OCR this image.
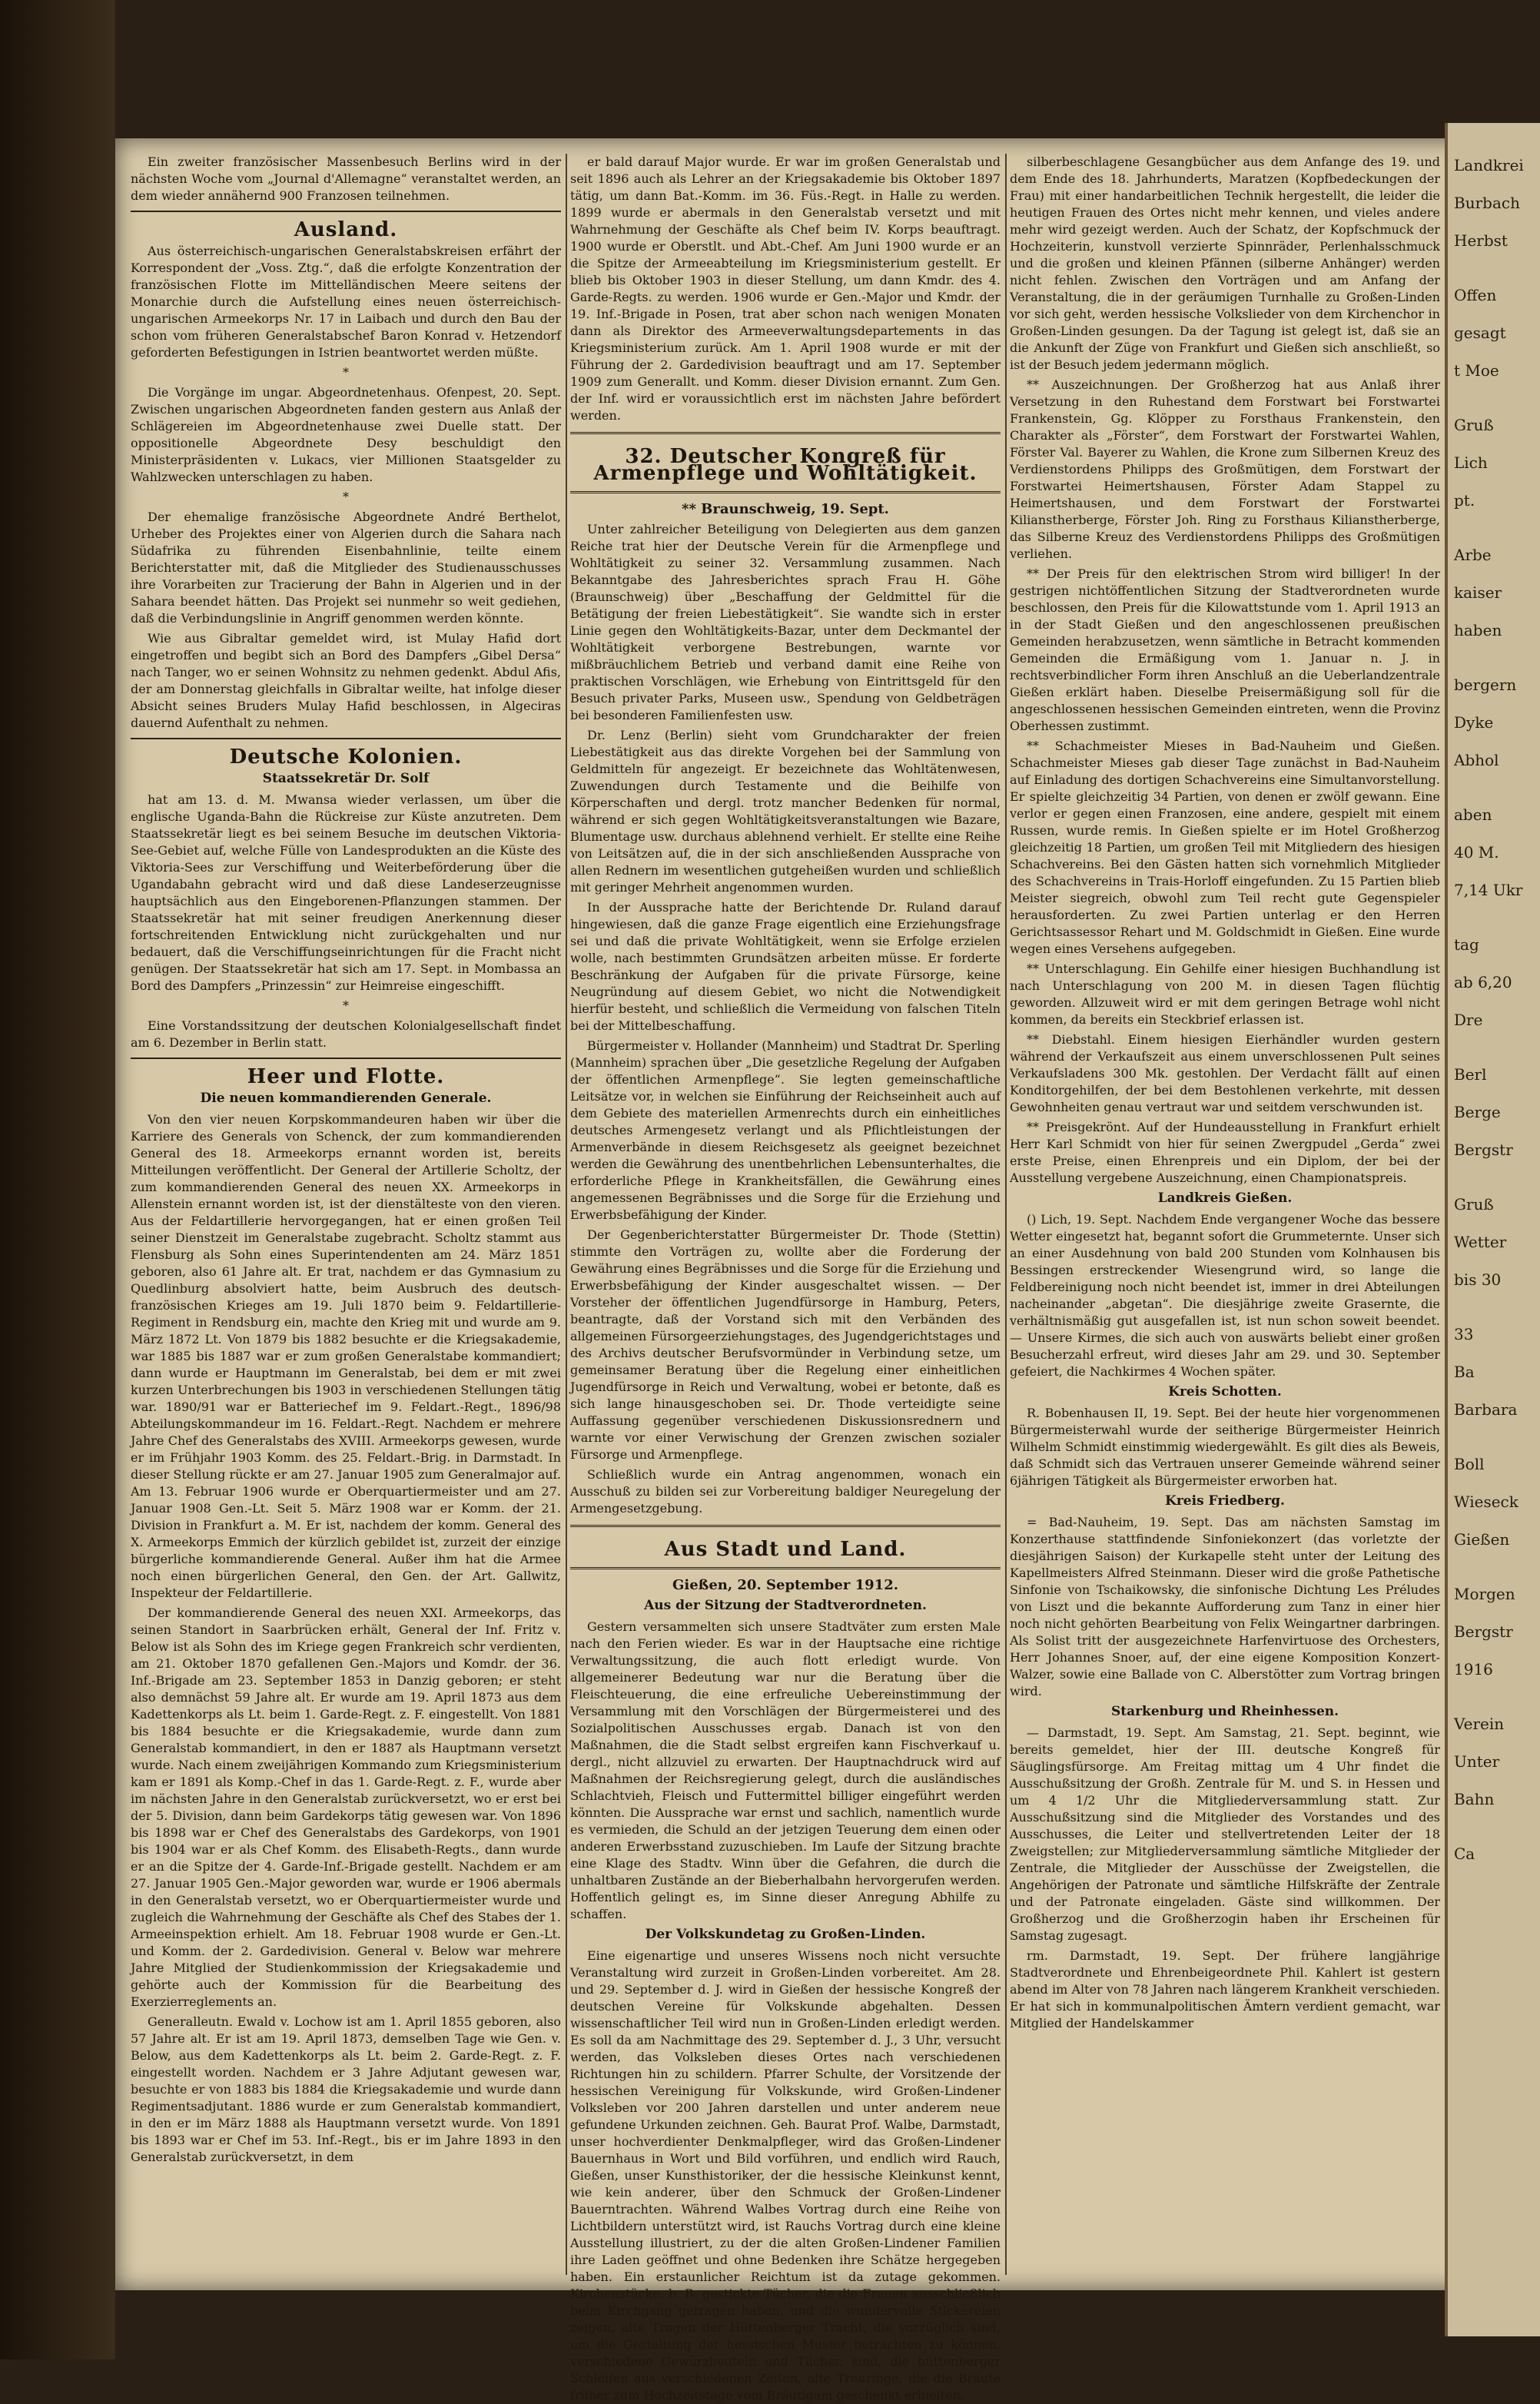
Ein zweiter französischer Massenbesuch Berlins wird in der nächsten Woche vom „Journal d'Allemagne“ veranstaltet werden, an dem wieder annähernd 900 Franzosen teilnehmen.

Ausland.

Aus österreichisch-ungarischen Generalstabskreisen erfährt der Korrespondent der „Voss. Ztg.“, daß die erfolgte Konzentration der französischen Flotte im Mittelländischen Meere seitens der Monarchie durch die Aufstellung eines neuen österreichisch-ungarischen Armeekorps Nr. 17 in Laibach und durch den Bau der schon vom früheren Generalstabschef Baron Konrad v. Hetzendorf geforderten Befestigungen in Istrien beantwortet werden müßte.

*

Die Vorgänge im ungar. Abgeordnetenhaus. Ofenpest, 20. Sept. Zwischen ungarischen Abgeordneten fanden gestern aus Anlaß der Schlägereien im Abgeordnetenhause zwei Duelle statt. Der oppositionelle Abgeordnete Desy beschuldigt den Ministerpräsidenten v. Lukacs, vier Millionen Staatsgelder zu Wahlzwecken unterschlagen zu haben.

*

Der ehemalige französische Abgeordnete André Berthelot, Urheber des Projektes einer von Algerien durch die Sahara nach Südafrika zu führenden Eisenbahnlinie, teilte einem Berichterstatter mit, daß die Mitglieder des Studienausschusses ihre Vorarbeiten zur Tracierung der Bahn in Algerien und in der Sahara beendet hätten. Das Projekt sei nunmehr so weit gediehen, daß die Verbindungslinie in Angriff genommen werden könnte.

Wie aus Gibraltar gemeldet wird, ist Mulay Hafid dort eingetroffen und begibt sich an Bord des Dampfers „Gibel Dersa“ nach Tanger, wo er seinen Wohnsitz zu nehmen gedenkt. Abdul Afis, der am Donnerstag gleichfalls in Gibraltar weilte, hat infolge dieser Absicht seines Bruders Mulay Hafid beschlossen, in Algeciras dauernd Aufenthalt zu nehmen.

Deutsche Kolonien.
Staatssekretär Dr. Solf

hat am 13. d. M. Mwansa wieder verlassen, um über die englische Uganda-Bahn die Rückreise zur Küste anzutreten. Dem Staatssekretär liegt es bei seinem Besuche im deutschen Viktoria-See-Gebiet auf, welche Fülle von Landesprodukten an die Küste des Viktoria-Sees zur Verschiffung und Weiterbeförderung über die Ugandabahn gebracht wird und daß diese Landeserzeugnisse hauptsächlich aus den Eingeborenen-Pflanzungen stammen. Der Staatssekretär hat mit seiner freudigen Anerkennung dieser fortschreitenden Entwicklung nicht zurückgehalten und nur bedauert, daß die Verschiffungseinrichtungen für die Fracht nicht genügen. Der Staatssekretär hat sich am 17. Sept. in Mombassa an Bord des Dampfers „Prinzessin“ zur Heimreise eingeschifft.

*

Eine Vorstandssitzung der deutschen Kolonialgesellschaft findet am 6. Dezember in Berlin statt.

Heer und Flotte.
Die neuen kommandierenden Generale.

Von den vier neuen Korpskommandeuren haben wir über die Karriere des Generals von Schenck, der zum kommandierenden General des 18. Armeekorps ernannt worden ist, bereits Mitteilungen veröffentlicht. Der General der Artillerie Scholtz, der zum kommandierenden General des neuen XX. Armeekorps in Allenstein ernannt worden ist, ist der dienstälteste von den vieren. Aus der Feldartillerie hervorgegangen, hat er einen großen Teil seiner Dienstzeit im Generalstabe zugebracht. Scholtz stammt aus Flensburg als Sohn eines Superintendenten am 24. März 1851 geboren, also 61 Jahre alt. Er trat, nachdem er das Gymnasium zu Quedlinburg absolviert hatte, beim Ausbruch des deutsch-französischen Krieges am 19. Juli 1870 beim 9. Feldartillerie-Regiment in Rendsburg ein, machte den Krieg mit und wurde am 9. März 1872 Lt. Von 1879 bis 1882 besuchte er die Kriegsakademie, war 1885 bis 1887 war er zum großen Generalstabe kommandiert; dann wurde er Hauptmann im Generalstab, bei dem er mit zwei kurzen Unterbrechungen bis 1903 in verschiedenen Stellungen tätig war. 1890/91 war er Batteriechef im 9. Feldart.-Regt., 1896/98 Abteilungskommandeur im 16. Feldart.-Regt. Nachdem er mehrere Jahre Chef des Generalstabs des XVIII. Armeekorps gewesen, wurde er im Frühjahr 1903 Komm. des 25. Feldart.-Brig. in Darmstadt. In dieser Stellung rückte er am 27. Januar 1905 zum Generalmajor auf. Am 13. Februar 1906 wurde er Oberquartiermeister und am 27. Januar 1908 Gen.-Lt. Seit 5. März 1908 war er Komm. der 21. Division in Frankfurt a. M. Er ist, nachdem der komm. General des X. Armeekorps Emmich der kürzlich gebildet ist, zurzeit der einzige bürgerliche kommandierende General. Außer ihm hat die Armee noch einen bürgerlichen General, den Gen. der Art. Gallwitz, Inspekteur der Feldartillerie.

Der kommandierende General des neuen XXI. Armeekorps, das seinen Standort in Saarbrücken erhält, General der Inf. Fritz v. Below ist als Sohn des im Kriege gegen Frankreich schr verdienten, am 21. Oktober 1870 gefallenen Gen.-Majors und Komdr. der 36. Inf.-Brigade am 23. September 1853 in Danzig geboren; er steht also demnächst 59 Jahre alt. Er wurde am 19. April 1873 aus dem Kadettenkorps als Lt. beim 1. Garde-Regt. z. F. eingestellt. Von 1881 bis 1884 besuchte er die Kriegsakademie, wurde dann zum Generalstab kommandiert, in den er 1887 als Hauptmann versetzt wurde. Nach einem zweijährigen Kommando zum Kriegsministerium kam er 1891 als Komp.-Chef in das 1. Garde-Regt. z. F., wurde aber im nächsten Jahre in den Generalstab zurückversetzt, wo er erst bei der 5. Division, dann beim Gardekorps tätig gewesen war. Von 1896 bis 1898 war er Chef des Generalstabs des Gardekorps, von 1901 bis 1904 war er als Chef Komm. des Elisabeth-Regts., dann wurde er an die Spitze der 4. Garde-Inf.-Brigade gestellt. Nachdem er am 27. Januar 1905 Gen.-Major geworden war, wurde er 1906 abermals in den Generalstab versetzt, wo er Oberquartiermeister wurde und zugleich die Wahrnehmung der Geschäfte als Chef des Stabes der 1. Armeeinspektion erhielt. Am 18. Februar 1908 wurde er Gen.-Lt. und Komm. der 2. Gardedivision. General v. Below war mehrere Jahre Mitglied der Studienkommission der Kriegsakademie und gehörte auch der Kommission für die Bearbeitung des Exerzierreglements an.

Generalleutn. Ewald v. Lochow ist am 1. April 1855 geboren, also 57 Jahre alt. Er ist am 19. April 1873, demselben Tage wie Gen. v. Below, aus dem Kadettenkorps als Lt. beim 2. Garde-Regt. z. F. eingestellt worden. Nachdem er 3 Jahre Adjutant gewesen war, besuchte er von 1883 bis 1884 die Kriegsakademie und wurde dann Regimentsadjutant. 1886 wurde er zum Generalstab kommandiert, in den er im März 1888 als Hauptmann versetzt wurde. Von 1891 bis 1893 war er Chef im 53. Inf.-Regt., bis er im Jahre 1893 in den Generalstab zurückversetzt, in dem

er bald darauf Major wurde. Er war im großen Generalstab und seit 1896 auch als Lehrer an der Kriegsakademie bis Oktober 1897 tätig, um dann Bat.-Komm. im 36. Füs.-Regt. in Halle zu werden. 1899 wurde er abermals in den Generalstab versetzt und mit Wahrnehmung der Geschäfte als Chef beim IV. Korps beauftragt. 1900 wurde er Oberstlt. und Abt.-Chef. Am Juni 1900 wurde er an die Spitze der Armeeabteilung im Kriegsministerium gestellt. Er blieb bis Oktober 1903 in dieser Stellung, um dann Kmdr. des 4. Garde-Regts. zu werden. 1906 wurde er Gen.-Major und Kmdr. der 19. Inf.-Brigade in Posen, trat aber schon nach wenigen Monaten dann als Direktor des Armeeverwaltungsdepartements in das Kriegsministerium zurück. Am 1. April 1908 wurde er mit der Führung der 2. Gardedivision beauftragt und am 17. September 1909 zum Generallt. und Komm. dieser Division ernannt. Zum Gen. der Inf. wird er voraussichtlich erst im nächsten Jahre befördert werden.

32. Deutscher Kongreß für Armenpflege und Wohltätigkeit.
** Braunschweig, 19. Sept.

Unter zahlreicher Beteiligung von Delegierten aus dem ganzen Reiche trat hier der Deutsche Verein für die Armenpflege und Wohltätigkeit zu seiner 32. Versammlung zusammen. Nach Bekanntgabe des Jahresberichtes sprach Frau H. Göhe (Braunschweig) über „Beschaffung der Geldmittel für die Betätigung der freien Liebestätigkeit“. Sie wandte sich in erster Linie gegen den Wohltätigkeits-Bazar, unter dem Deckmantel der Wohltätigkeit verborgene Bestrebungen, warnte vor mißbräuchlichem Betrieb und verband damit eine Reihe von praktischen Vorschlägen, wie Erhebung von Eintrittsgeld für den Besuch privater Parks, Museen usw., Spendung von Geldbeträgen bei besonderen Familienfesten usw.

Dr. Lenz (Berlin) sieht vom Grundcharakter der freien Liebestätigkeit aus das direkte Vorgehen bei der Sammlung von Geldmitteln für angezeigt. Er bezeichnete das Wohltätenwesen, Zuwendungen durch Testamente und die Beihilfe von Körperschaften und dergl. trotz mancher Bedenken für normal, während er sich gegen Wohltätigkeitsveranstaltungen wie Bazare, Blumentage usw. durchaus ablehnend verhielt. Er stellte eine Reihe von Leitsätzen auf, die in der sich anschließenden Aussprache von allen Rednern im wesentlichen gutgeheißen wurden und schließlich mit geringer Mehrheit angenommen wurden.

In der Aussprache hatte der Berichtende Dr. Ruland darauf hingewiesen, daß die ganze Frage eigentlich eine Erziehungsfrage sei und daß die private Wohltätigkeit, wenn sie Erfolge erzielen wolle, nach bestimmten Grundsätzen arbeiten müsse. Er forderte Beschränkung der Aufgaben für die private Fürsorge, keine Neugründung auf diesem Gebiet, wo nicht die Notwendigkeit hierfür besteht, und schließlich die Vermeidung von falschen Titeln bei der Mittelbeschaffung.

Bürgermeister v. Hollander (Mannheim) und Stadtrat Dr. Sperling (Mannheim) sprachen über „Die gesetzliche Regelung der Aufgaben der öffentlichen Armenpflege“. Sie legten gemeinschaftliche Leitsätze vor, in welchen sie Einführung der Reichseinheit auch auf dem Gebiete des materiellen Armenrechts durch ein einheitliches deutsches Armengesetz verlangt und als Pflichtleistungen der Armenverbände in diesem Reichsgesetz als geeignet bezeichnet werden die Gewährung des unentbehrlichen Lebensunterhaltes, die erforderliche Pflege in Krankheitsfällen, die Gewährung eines angemessenen Begräbnisses und die Sorge für die Erziehung und Erwerbsbefähigung der Kinder.

Der Gegenberichterstatter Bürgermeister Dr. Thode (Stettin) stimmte den Vorträgen zu, wollte aber die Forderung der Gewährung eines Begräbnisses und die Sorge für die Erziehung und Erwerbsbefähigung der Kinder ausgeschaltet wissen. — Der Vorsteher der öffentlichen Jugendfürsorge in Hamburg, Peters, beantragte, daß der Vorstand sich mit den Verbänden des allgemeinen Fürsorgeerziehungstages, des Jugendgerichtstages und des Archivs deutscher Berufsvormünder in Verbindung setze, um gemeinsamer Beratung über die Regelung einer einheitlichen Jugendfürsorge in Reich und Verwaltung, wobei er betonte, daß es sich lange hinausgeschoben sei. Dr. Thode verteidigte seine Auffassung gegenüber verschiedenen Diskussionsrednern und warnte vor einer Verwischung der Grenzen zwischen sozialer Fürsorge und Armenpflege.

Schließlich wurde ein Antrag angenommen, wonach ein Ausschuß zu bilden sei zur Vorbereitung baldiger Neuregelung der Armengesetzgebung.

Aus Stadt und Land.
Gießen, 20. September 1912.
Aus der Sitzung der Stadtverordneten.

Gestern versammelten sich unsere Stadtväter zum ersten Male nach den Ferien wieder. Es war in der Hauptsache eine richtige Verwaltungssitzung, die auch flott erledigt wurde. Von allgemeinerer Bedeutung war nur die Beratung über die Fleischteuerung, die eine erfreuliche Uebereinstimmung der Versammlung mit den Vorschlägen der Bürgermeisterei und des Sozialpolitischen Ausschusses ergab. Danach ist von den Maßnahmen, die die Stadt selbst ergreifen kann Fischverkauf u. dergl., nicht allzuviel zu erwarten. Der Hauptnachdruck wird auf Maßnahmen der Reichsregierung gelegt, durch die ausländisches Schlachtvieh, Fleisch und Futtermittel billiger eingeführt werden könnten. Die Aussprache war ernst und sachlich, namentlich wurde es vermieden, die Schuld an der jetzigen Teuerung dem einen oder anderen Erwerbsstand zuzuschieben. Im Laufe der Sitzung brachte eine Klage des Stadtv. Winn über die Gefahren, die durch die unhaltbaren Zustände an der Bieberhalbahn hervorgerufen werden. Hoffentlich gelingt es, im Sinne dieser Anregung Abhilfe zu schaffen.

Der Volkskundetag zu Großen-Linden.

Eine eigenartige und unseres Wissens noch nicht versuchte Veranstaltung wird zurzeit in Großen-Linden vorbereitet. Am 28. und 29. September d. J. wird in Gießen der hessische Kongreß der deutschen Vereine für Volkskunde abgehalten. Dessen wissenschaftlicher Teil wird nun in Großen-Linden erledigt werden. Es soll da am Nachmittage des 29. September d. J., 3 Uhr, versucht werden, das Volksleben dieses Ortes nach verschiedenen Richtungen hin zu schildern. Pfarrer Schulte, der Vorsitzende der hessischen Vereinigung für Volkskunde, wird Großen-Lindener Volksleben vor 200 Jahren darstellen und unter anderem neue gefundene Urkunden zeichnen. Geh. Baurat Prof. Walbe, Darmstadt, unser hochverdienter Denkmalpfleger, wird das Großen-Lindener Bauernhaus in Wort und Bild vorführen, und endlich wird Rauch, Gießen, unser Kunsthistoriker, der die hessische Kleinkunst kennt, wie kein anderer, über den Schmuck der Großen-Lindener Bauerntrachten. Während Walbes Vortrag durch eine Reihe von Lichtbildern unterstützt wird, ist Rauchs Vortrag durch eine kleine Ausstellung illustriert, zu der die alten Großen-Lindener Familien ihre Laden geöffnet und ohne Bedenken ihre Schätze hergegeben haben. Ein erstaunlicher Reichtum ist da zutage gekommen. Kirchenstücke, b. B. gestickte Tücher, die die Frauen ausschließlich beim Kirchgang getragen haben, und die wundervolle Stickereien zeigen, alte Tragen der Hüttenberger Tracht, die vorzüglich sind, um die Gestaltung der hessischen Muster betrachten zu können, verschiedene Gewürzbeuteln und Tücher, sind, die hüttenberger Schleifen aus verschiedenen Zeiten, alte Treuringe, die die Bräute früher zum Hochzeitstage vom Bräutigam geschenkt erhielten,

silberbeschlagene Gesangbücher aus dem Anfange des 19. und dem Ende des 18. Jahrhunderts, Maratzen (Kopfbedeckungen der Frau) mit einer handarbeitlichen Technik hergestellt, die leider die heutigen Frauen des Ortes nicht mehr kennen, und vieles andere mehr wird gezeigt werden. Auch der Schatz, der Kopfschmuck der Hochzeiterin, kunstvoll verzierte Spinnräder, Perlenhalsschmuck und die großen und kleinen Pfännen (silberne Anhänger) werden nicht fehlen. Zwischen den Vorträgen und am Anfang der Veranstaltung, die in der geräumigen Turnhalle zu Großen-Linden vor sich geht, werden hessische Volkslieder von dem Kirchenchor in Großen-Linden gesungen. Da der Tagung ist gelegt ist, daß sie an die Ankunft der Züge von Frankfurt und Gießen sich anschließt, so ist der Besuch jedem jedermann möglich.

** Auszeichnungen. Der Großherzog hat aus Anlaß ihrer Versetzung in den Ruhestand dem Forstwart bei Forstwartei Frankenstein, Gg. Klöpper zu Forsthaus Frankenstein, den Charakter als „Förster“, dem Forstwart der Forstwartei Wahlen, Förster Val. Bayerer zu Wahlen, die Krone zum Silbernen Kreuz des Verdienstordens Philipps des Großmütigen, dem Forstwart der Forstwartei Heimertshausen, Förster Adam Stappel zu Heimertshausen, und dem Forstwart der Forstwartei Kilianstherberge, Förster Joh. Ring zu Forsthaus Kilianstherberge, das Silberne Kreuz des Verdienstordens Philipps des Großmütigen verliehen.

** Der Preis für den elektrischen Strom wird billiger! In der gestrigen nichtöffentlichen Sitzung der Stadtverordneten wurde beschlossen, den Preis für die Kilowattstunde vom 1. April 1913 an in der Stadt Gießen und den angeschlossenen preußischen Gemeinden herabzusetzen, wenn sämtliche in Betracht kommenden Gemeinden die Ermäßigung vom 1. Januar n. J. in rechtsverbindlicher Form ihren Anschluß an die Ueberlandzentrale Gießen erklärt haben. Dieselbe Preisermäßigung soll für die angeschlossenen hessischen Gemeinden eintreten, wenn die Provinz Oberhessen zustimmt.

** Schachmeister Mieses in Bad-Nauheim und Gießen. Schachmeister Mieses gab dieser Tage zunächst in Bad-Nauheim auf Einladung des dortigen Schachvereins eine Simultanvorstellung. Er spielte gleichzeitig 34 Partien, von denen er zwölf gewann. Eine verlor er gegen einen Franzosen, eine andere, gespielt mit einem Russen, wurde remis. In Gießen spielte er im Hotel Großherzog gleichzeitig 18 Partien, um großen Teil mit Mitgliedern des hiesigen Schachvereins. Bei den Gästen hatten sich vornehmlich Mitglieder des Schachvereins in Trais-Horloff eingefunden. Zu 15 Partien blieb Meister siegreich, obwohl zum Teil recht gute Gegenspieler herausforderten. Zu zwei Partien unterlag er den Herren Gerichtsassessor Rehart und M. Goldschmidt in Gießen. Eine wurde wegen eines Versehens aufgegeben.

** Unterschlagung. Ein Gehilfe einer hiesigen Buchhandlung ist nach Unterschlagung von 200 M. in diesen Tagen flüchtig geworden. Allzuweit wird er mit dem geringen Betrage wohl nicht kommen, da bereits ein Steckbrief erlassen ist.

** Diebstahl. Einem hiesigen Eierhändler wurden gestern während der Verkaufszeit aus einem unverschlossenen Pult seines Verkaufsladens 300 Mk. gestohlen. Der Verdacht fällt auf einen Konditorgehilfen, der bei dem Bestohlenen verkehrte, mit dessen Gewohnheiten genau vertraut war und seitdem verschwunden ist.

** Preisgekrönt. Auf der Hundeausstellung in Frankfurt erhielt Herr Karl Schmidt von hier für seinen Zwergpudel „Gerda“ zwei erste Preise, einen Ehrenpreis und ein Diplom, der bei der Ausstellung vergebene Auszeichnung, einen Championatspreis.

Landkreis Gießen.

() Lich, 19. Sept. Nachdem Ende vergangener Woche das bessere Wetter eingesetzt hat, begannt sofort die Grummeternte. Unser sich an einer Ausdehnung von bald 200 Stunden vom Kolnhausen bis Bessingen erstreckender Wiesengrund wird, so lange die Feldbereinigung noch nicht beendet ist, immer in drei Abteilungen nacheinander „abgetan“. Die diesjährige zweite Grasernte, die verhältnismäßig gut ausgefallen ist, ist nun schon soweit beendet. — Unsere Kirmes, die sich auch von auswärts beliebt einer großen Besucherzahl erfreut, wird dieses Jahr am 29. und 30. September gefeiert, die Nachkirmes 4 Wochen später.

Kreis Schotten.

R. Bobenhausen II, 19. Sept. Bei der heute hier vorgenommenen Bürgermeisterwahl wurde der seitherige Bürgermeister Heinrich Wilhelm Schmidt einstimmig wiedergewählt. Es gilt dies als Beweis, daß Schmidt sich das Vertrauen unserer Gemeinde während seiner 6jährigen Tätigkeit als Bürgermeister erworben hat.

Kreis Friedberg.

= Bad-Nauheim, 19. Sept. Das am nächsten Samstag im Konzerthause stattfindende Sinfoniekonzert (das vorletzte der diesjährigen Saison) der Kurkapelle steht unter der Leitung des Kapellmeisters Alfred Steinmann. Dieser wird die große Pathetische Sinfonie von Tschaikowsky, die sinfonische Dichtung Les Préludes von Liszt und die bekannte Aufforderung zum Tanz in einer hier noch nicht gehörten Bearbeitung von Felix Weingartner darbringen. Als Solist tritt der ausgezeichnete Harfenvirtuose des Orchesters, Herr Johannes Snoer, auf, der eine eigene Komposition Konzert-Walzer, sowie eine Ballade von C. Alberstötter zum Vortrag bringen wird.

Starkenburg und Rheinhessen.

— Darmstadt, 19. Sept. Am Samstag, 21. Sept. beginnt, wie bereits gemeldet, hier der III. deutsche Kongreß für Säuglingsfürsorge. Am Freitag mittag um 4 Uhr findet die Ausschußsitzung der Großh. Zentrale für M. und S. in Hessen und um 4 1/2 Uhr die Mitgliederversammlung statt. Zur Ausschußsitzung sind die Mitglieder des Vorstandes und des Ausschusses, die Leiter und stellvertretenden Leiter der 18 Zweigstellen; zur Mitgliederversammlung sämtliche Mitglieder der Zentrale, die Mitglieder der Ausschüsse der Zweigstellen, die Angehörigen der Patronate und sämtliche Hilfskräfte der Zentrale und der Patronate eingeladen. Gäste sind willkommen. Der Großherzog und die Großherzogin haben ihr Erscheinen für Samstag zugesagt.

rm. Darmstadt, 19. Sept. Der frühere langjährige Stadtverordnete und Ehrenbeigeordnete Phil. Kahlert ist gestern abend im Alter von 78 Jahren nach längerem Krankheit verschieden. Er hat sich in kommunalpolitischen Ämtern verdient gemacht, war Mitglied der Handelskammer

Landkrei
Burbach
Herbst
Offen
gesagt
t Moe
Gruß
Lich
pt.
Arbe
kaiser
haben
bergern
Dyke
Abhol
aben
40 M.
7,14 Ukr
tag
ab 6,20
Dre
Berl
Berge
Bergstr
Gruß
Wetter
bis 30
33
Ba
Barbara
Boll
Wieseck
Gießen
Morgen
Bergstr
1916
Verein
Unter
Bahn
Ca
